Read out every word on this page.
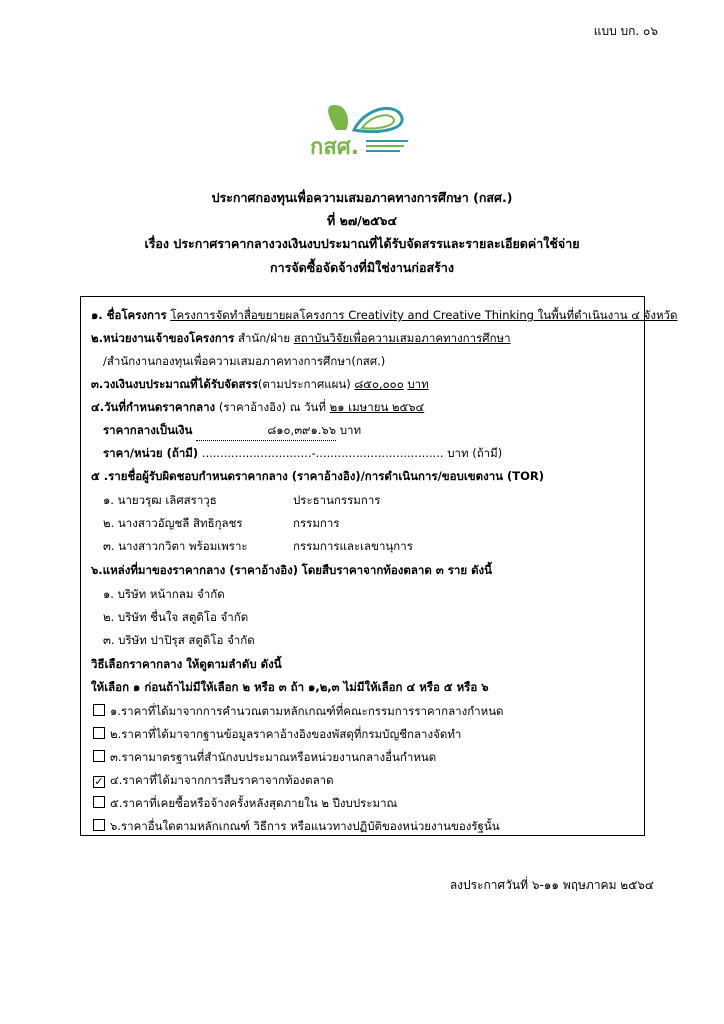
แบบ บก. ๐๖
กสศ.
ประกาศกองทุนเพื่อความเสมอภาคทางการศึกษา (กสศ.)
ที่ ๒๗/๒๕๖๔
เรื่อง ประกาศราคากลางวงเงินงบประมาณที่ได้รับจัดสรรและรายละเอียดค่าใช้จ่าย
การจัดซื้อจัดจ้างที่มิใช่งานก่อสร้าง
๑. ชื่อโครงการ โครงการจัดทำสื่อขยายผลโครงการ Creativity and Creative Thinking ในพื้นที่ดำเนินงาน ๔ จังหวัด
๒.หน่วยงานเจ้าของโครงการ สำนัก/ฝ่าย สถาบันวิจัยเพื่อความเสมอภาคทางการศึกษา
/สำนักงานกองทุนเพื่อความเสมอภาคทางการศึกษา(กสศ.)
๓.วงเงินงบประมาณที่ได้รับจัดสรร(ตามประกาศแผน) ๘๕๐,๐๐๐ บาท
๔.วันที่กำหนดราคากลาง (ราคาอ้างอิง) ณ วันที่ ๒๑ เมษายน ๒๕๖๔
ราคากลางเป็นเงิน	๘๑๐,๓๙๑.๖๖ บาท
ราคา/หน่วย (ถ้ามี) ..............................-................................... บาท (ถ้ามี)
๕ .รายชื่อผู้รับผิดชอบกำหนดราคากลาง (ราคาอ้างอิง)/การดำเนินการ/ขอบเขตงาน (TOR)
๑. นายวรุฒ เลิศสราวุธ	ประธานกรรมการ
๒. นางสาวอัญชลี สิทธิกุลชร	กรรมการ
๓. นางสาวกวิตา พร้อมเพราะ	กรรมการและเลขานุการ
๖.แหล่งที่มาของราคากลาง (ราคาอ้างอิง) โดยสืบราคาจากท้องตลาด ๓ ราย ดังนี้
๑. บริษัท หน้ากลม จำกัด
๒. บริษัท ชื่นใจ สตูดิโอ จำกัด
๓. บริษัท ปาปิรุส สตูดิโอ จำกัด
วิธีเลือกราคากลาง ให้ดูตามลำดับ ดังนี้
ให้เลือก ๑ ก่อนถ้าไม่มีให้เลือก ๒ หรือ ๓ ถ้า ๑,๒,๓ ไม่มีให้เลือก ๔ หรือ ๕ หรือ ๖
๑.ราคาที่ได้มาจากการคำนวณตามหลักเกณฑ์ที่คณะกรรมการราคากลางกำหนด
๒.ราคาที่ได้มาจากฐานข้อมูลราคาอ้างอิงของพัสดุที่กรมบัญชีกลางจัดทำ
๓.ราคามาตรฐานที่สำนักงบประมาณหรือหน่วยงานกลางอื่นกำหนด
✓ ๔.ราคาที่ได้มาจากการสืบราคาจากท้องตลาด
๕.ราคาที่เคยซื้อหรือจ้างครั้งหลังสุดภายใน ๒ ปีงบประมาณ
๖.ราคาอื่นใดตามหลักเกณฑ์ วิธีการ หรือแนวทางปฏิบัติของหน่วยงานของรัฐนั้น
ลงประกาศวันที่ ๖-๑๑ พฤษภาคม ๒๕๖๔
